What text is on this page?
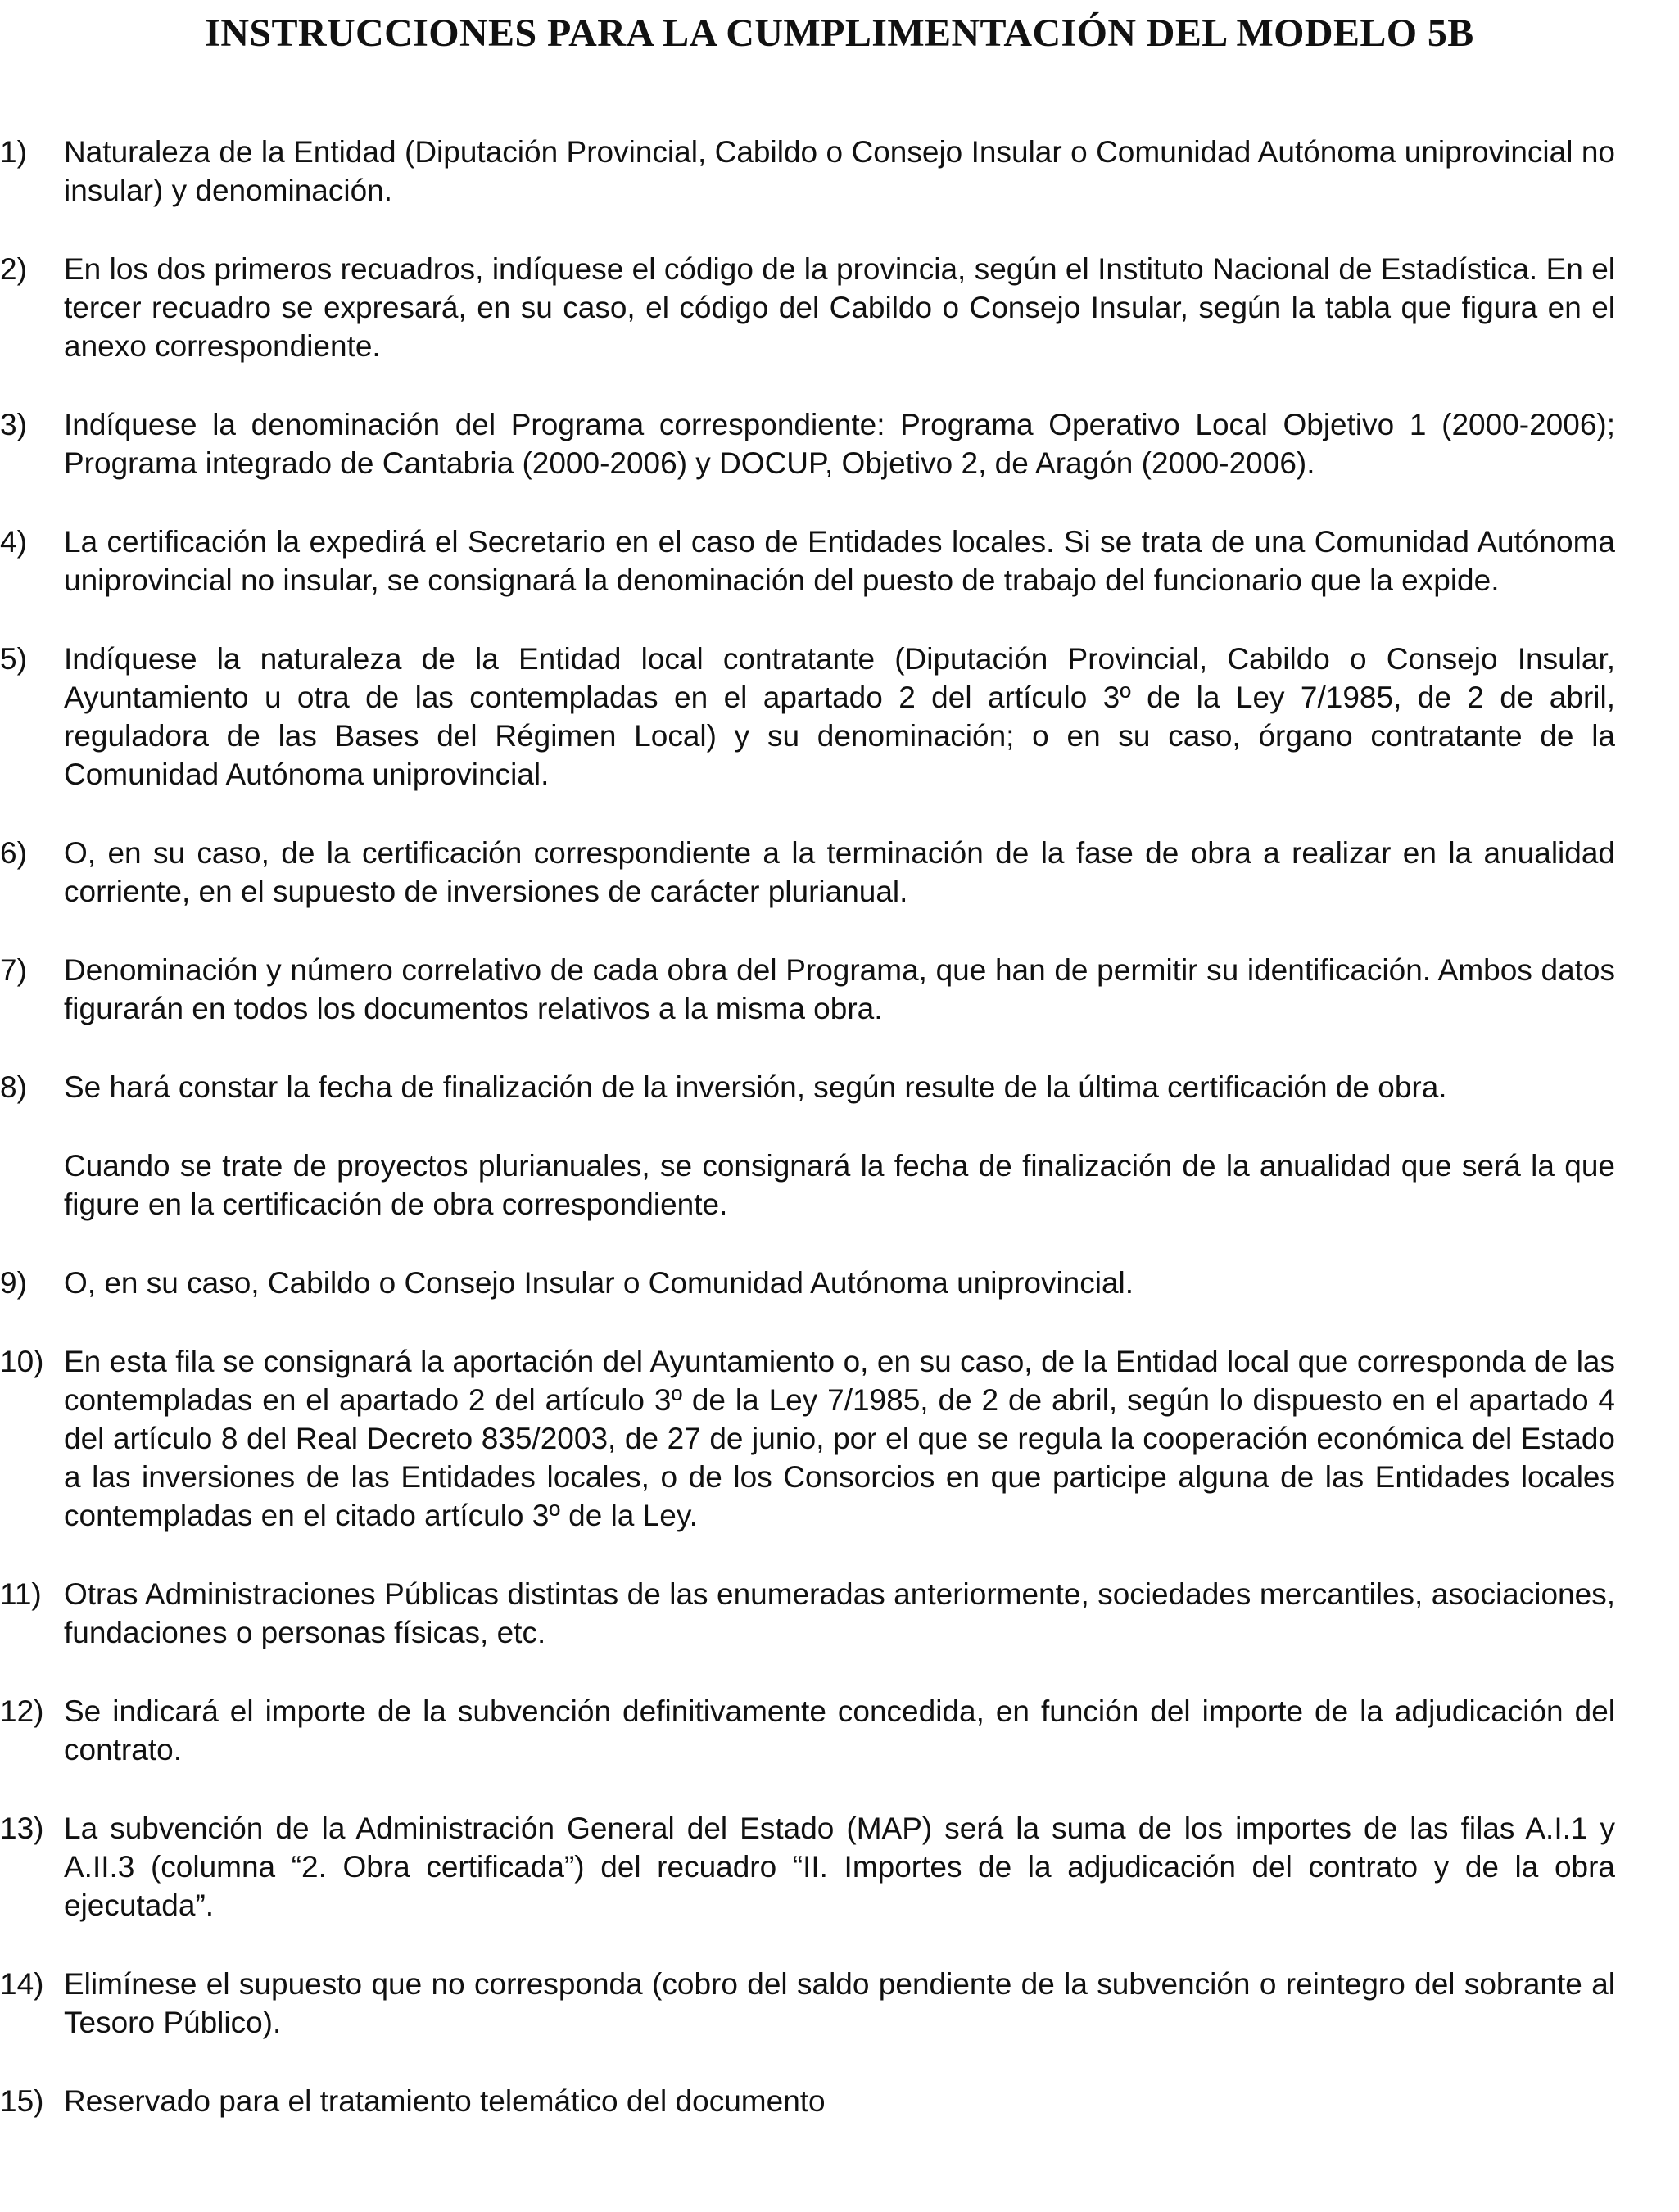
INSTRUCCIONES PARA LA CUMPLIMENTACIÓN DEL MODELO 5B
1)	Naturaleza de la Entidad (Diputación Provincial, Cabildo o Consejo Insular o Comunidad Autónoma uniprovincial no insular) y denominación.
2)	En los dos primeros recuadros, indíquese el código de la provincia, según el Instituto Nacional de Estadística. En el tercer recuadro se expresará, en su caso, el código del Cabildo o Consejo Insular, según la tabla que figura en el anexo correspondiente.
3)	Indíquese la denominación del Programa correspondiente: Programa Operativo Local Objetivo 1 (2000-2006); Programa integrado de Cantabria (2000-2006) y DOCUP, Objetivo 2, de Aragón (2000-2006).
4)	La certificación la expedirá el Secretario en el caso de Entidades locales. Si se trata de una Comunidad Autónoma uniprovincial no insular, se consignará la denominación del puesto de trabajo del funcionario que la expide.
5)	Indíquese la naturaleza de la Entidad local contratante (Diputación Provincial, Cabildo o Consejo Insular, Ayuntamiento u otra de las contempladas en el apartado 2 del artículo 3º de la Ley 7/1985, de 2 de abril, reguladora de las Bases del Régimen Local) y su denominación; o en su caso, órgano contratante de la Comunidad Autónoma uniprovincial.
6)	O, en su caso, de la certificación correspondiente a la terminación de la fase de obra a realizar en la anualidad corriente, en el supuesto de inversiones de carácter plurianual.
7)	Denominación y número correlativo de cada obra del Programa, que han de permitir su identificación. Ambos datos figurarán en todos los documentos relativos a la misma obra.
8)	Se hará constar la fecha de finalización de la inversión, según resulte de la última certificación de obra.
Cuando se trate de proyectos plurianuales, se consignará la fecha de finalización de la anualidad que será la que figure en la certificación de obra correspondiente.
9)	O, en su caso, Cabildo o Consejo Insular o Comunidad Autónoma uniprovincial.
10) En esta fila se consignará la aportación del Ayuntamiento o, en su caso, de la Entidad local que corresponda de las contempladas en el apartado 2 del artículo 3º de la Ley 7/1985, de 2 de abril, según lo dispuesto en el apartado 4 del artículo 8 del Real Decreto 835/2003, de 27 de junio, por el que se regula la cooperación económica del Estado a las inversiones de las Entidades locales, o de los Consorcios en que participe alguna de las Entidades locales contempladas en el citado artículo 3º de la Ley.
11) Otras Administraciones Públicas distintas de las enumeradas anteriormente, sociedades mercantiles, asociaciones, fundaciones o personas físicas, etc.
12) Se indicará el importe de la subvención definitivamente concedida, en función del importe de la adjudicación del contrato.
13) La subvención de la Administración General del Estado (MAP) será la suma de los importes de las filas A.I.1 y A.II.3 (columna “2. Obra certificada”) del recuadro “II. Importes de la adjudicación del contrato y de la obra ejecutada”.
14) Elimínese el supuesto que no corresponda (cobro del saldo pendiente de la subvención o reintegro del sobrante al Tesoro Público).
15) Reservado para el tratamiento telemático del documento
